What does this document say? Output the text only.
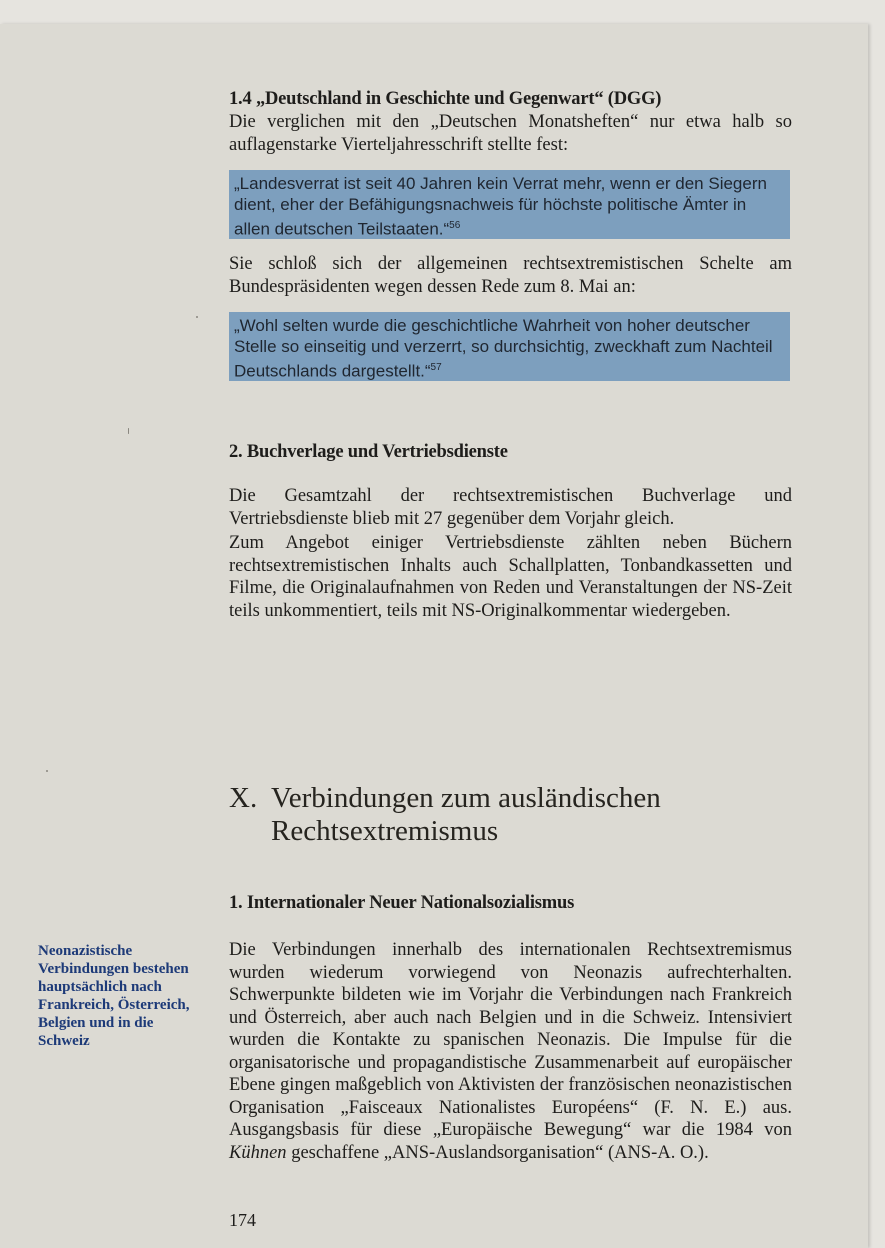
1.4 „Deutschland in Geschichte und Gegenwart“ (DGG)
Die verglichen mit den „Deutschen Monatsheften“ nur etwa halb so auflagenstarke Vierteljahresschrift stellte fest:
„Landesverrat ist seit 40 Jahren kein Verrat mehr, wenn er den Siegern dient, eher der Befähigungsnachweis für höchste politische Ämter in allen deutschen Teilstaaten.“$^{56}$
Sie schloß sich der allgemeinen rechtsextremistischen Schelte am Bundespräsidenten wegen dessen Rede zum 8. Mai an:
„Wohl selten wurde die geschichtliche Wahrheit von hoher deutscher Stelle so einseitig und verzerrt, so durchsichtig, zweckhaft zum Nachteil Deutschlands dargestellt.“$^{57}$
2. Buchverlage und Vertriebsdienste
Die Gesamtzahl der rechtsextremistischen Buchverlage und Vertriebsdienste blieb mit 27 gegenüber dem Vorjahr gleich.
Zum Angebot einiger Vertriebsdienste zählten neben Büchern rechtsextremistischen Inhalts auch Schallplatten, Tonbandkassetten und Filme, die Originalaufnahmen von Reden und Veranstaltungen der NS-Zeit teils unkommentiert, teils mit NS-Originalkommentar wiedergeben.
X. Verbindungen zum ausländischen
Rechtsextremismus
1. Internationaler Neuer Nationalsozialismus
Neonazistische Verbindungen bestehen hauptsächlich nach Frankreich, Österreich, Belgien und in die Schweiz
Die Verbindungen innerhalb des internationalen Rechtsextremismus wurden wiederum vorwiegend von Neonazis aufrechterhalten. Schwerpunkte bildeten wie im Vorjahr die Verbindungen nach Frankreich und Österreich, aber auch nach Belgien und in die Schweiz. Intensiviert wurden die Kontakte zu spanischen Neonazis. Die Impulse für die organisatorische und propagandistische Zusammenarbeit auf europäischer Ebene gingen maßgeblich von Aktivisten der französischen neonazistischen Organisation „Faisceaux Nationalistes Européens“ (F. N. E.) aus. Ausgangsbasis für diese „Europäische Bewegung“ war die 1984 von Kühnen geschaffene „ANS-Auslandsorganisation“ (ANS-A. O.).
174
